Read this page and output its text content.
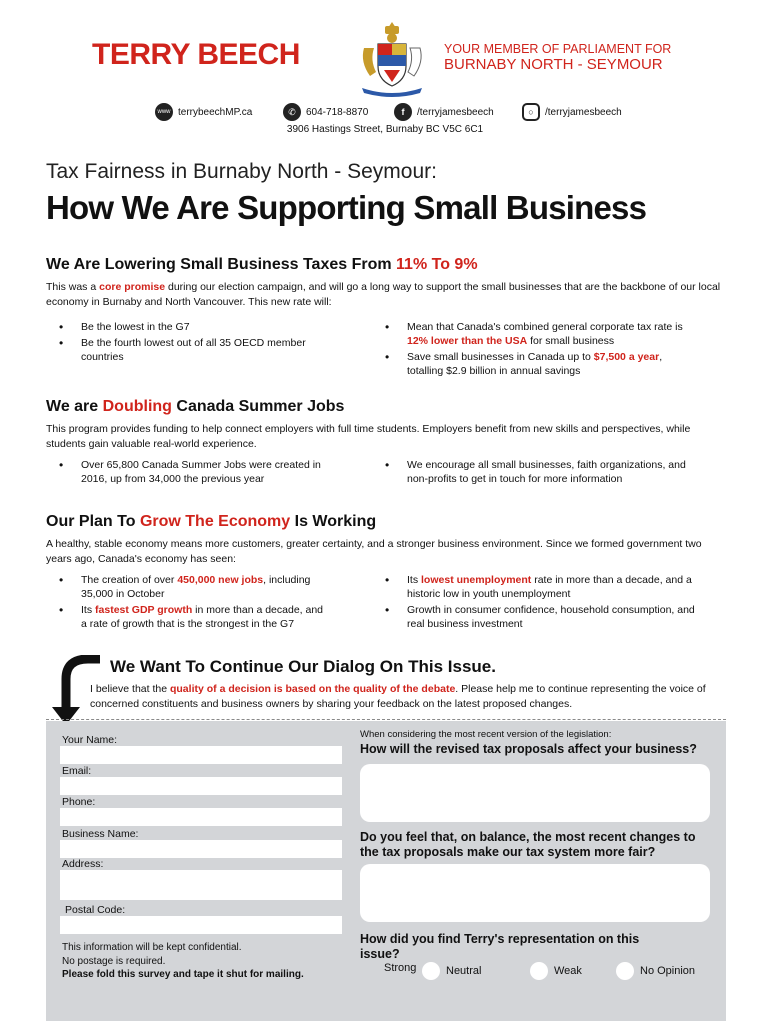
TERRY BEECH	YOUR MEMBER OF PARLIAMENT FOR
BURNABY NORTH - SEYMOUR
www terrybeechMP.ca	✆	604-718-8870	f	/terryjamesbeech	○	/terryjamesbeech
3906 Hastings Street, Burnaby BC V5C 6C1
Tax Fairness in Burnaby North - Seymour:
How We Are Supporting Small Business
We Are Lowering Small Business Taxes From 11% To 9%

This was a core promise during our election campaign, and will go a long way to support the small businesses that are the backbone of our local economy in Burnaby and North Vancouver. This new rate will:

• Be the lowest in the G7
• Be the fourth lowest out of all 35 OECD member countries
• Mean that Canada's combined general corporate tax rate is 12% lower than the USA for small business
• Save small businesses in Canada up to $7,500 a year, totalling $2.9 billion in annual savings
We are Doubling Canada Summer Jobs

This program provides funding to help connect employers with full time students. Employers benefit from new skills and perspectives, while students gain valuable real-world experience.

• Over 65,800 Canada Summer Jobs were created in 2016, up from 34,000 the previous year
• We encourage all small businesses, faith organizations, and non-profits to get in touch for more information
Our Plan To Grow The Economy Is Working

A healthy, stable economy means more customers, greater certainty, and a stronger business environment. Since we formed government two years ago, Canada's economy has seen:

• The creation of over 450,000 new jobs, including 35,000 in October
• Its fastest GDP growth in more than a decade, and a rate of growth that is the strongest in the G7
• Its lowest unemployment rate in more than a decade, and a historic low in youth unemployment
• Growth in consumer confidence, household consumption, and real business investment
We Want To Continue Our Dialog On This Issue.

I believe that the quality of a decision is based on the quality of the debate. Please help me to continue representing the voice of concerned constituents and business owners by sharing your feedback on the latest proposed changes.

Your Name:
Email:
Phone:
Business Name:
Address:
Postal Code:
This information will be kept confidential.
No postage is required.
Please fold this survey and tape it shut for mailing.
When considering the most recent version of the legislation:
How will the revised tax proposals affect your business?
Do you feel that, on balance, the most recent changes to the tax proposals make our tax system more fair?
How did you find Terry's representation on this issue?
Strong	Neutral	Weak	No Opinion
